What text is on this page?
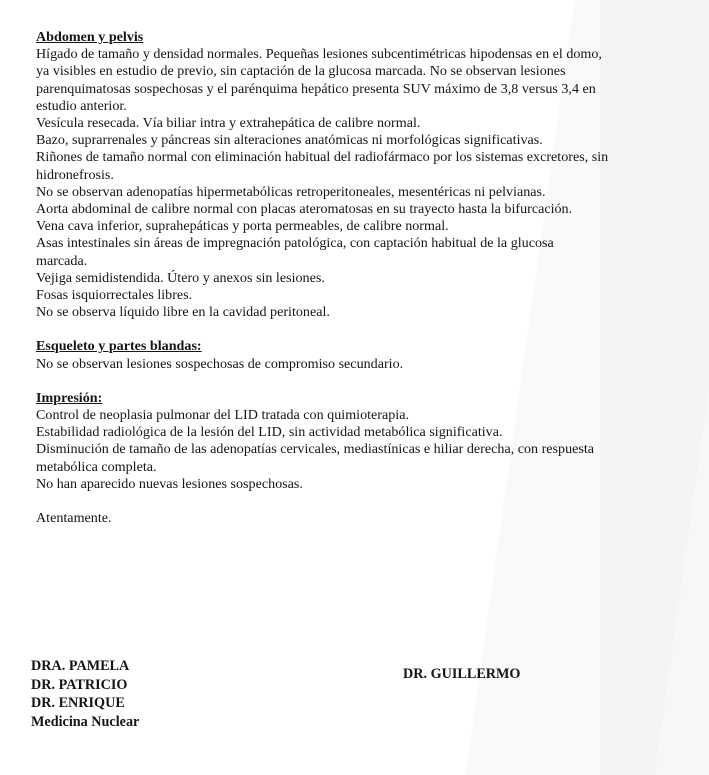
Abdomen y pelvis

Hígado de tamaño y densidad normales. Pequeñas lesiones subcentimétricas hipodensas en el domo,

ya visibles en estudio de previo, sin captación de la glucosa marcada. No se observan lesiones

parenquimatosas sospechosas y el parénquima hepático presenta SUV máximo de 3,8 versus 3,4 en

estudio anterior.

Vesícula resecada. Vía biliar intra y extrahepática de calibre normal.

Bazo, suprarrenales y páncreas sin alteraciones anatómicas ni morfológicas significativas.

Riñones de tamaño normal con eliminación habitual del radiofármaco por los sistemas excretores, sin

hidronefrosis.

No se observan adenopatías hipermetabólicas retroperitoneales, mesentéricas ni pelvianas.

Aorta abdominal de calibre normal con placas ateromatosas en su trayecto hasta la bifurcación.

Vena cava inferior, suprahepáticas y porta permeables, de calibre normal.

Asas intestinales sin áreas de impregnación patológica, con captación habitual de la glucosa

marcada.

Vejiga semidistendida. Útero y anexos sin lesiones.

Fosas isquiorrectales libres.

No se observa líquido libre en la cavidad peritoneal.

Esqueleto y partes blandas:

No se observan lesiones sospechosas de compromiso secundario.

Impresión:

Control de neoplasia pulmonar del LID tratada con quimioterapia.

Estabilidad radiológica de la lesión del LID, sin actividad metabólica significativa.

Disminución de tamaño de las adenopatías cervicales, mediastínicas e hiliar derecha, con respuesta

metabólica completa.

No han aparecido nuevas lesiones sospechosas.

Atentamente.

DRA. PAMELA

DR. PATRICIO

DR. ENRIQUE

Medicina Nuclear

DR. GUILLERMO
